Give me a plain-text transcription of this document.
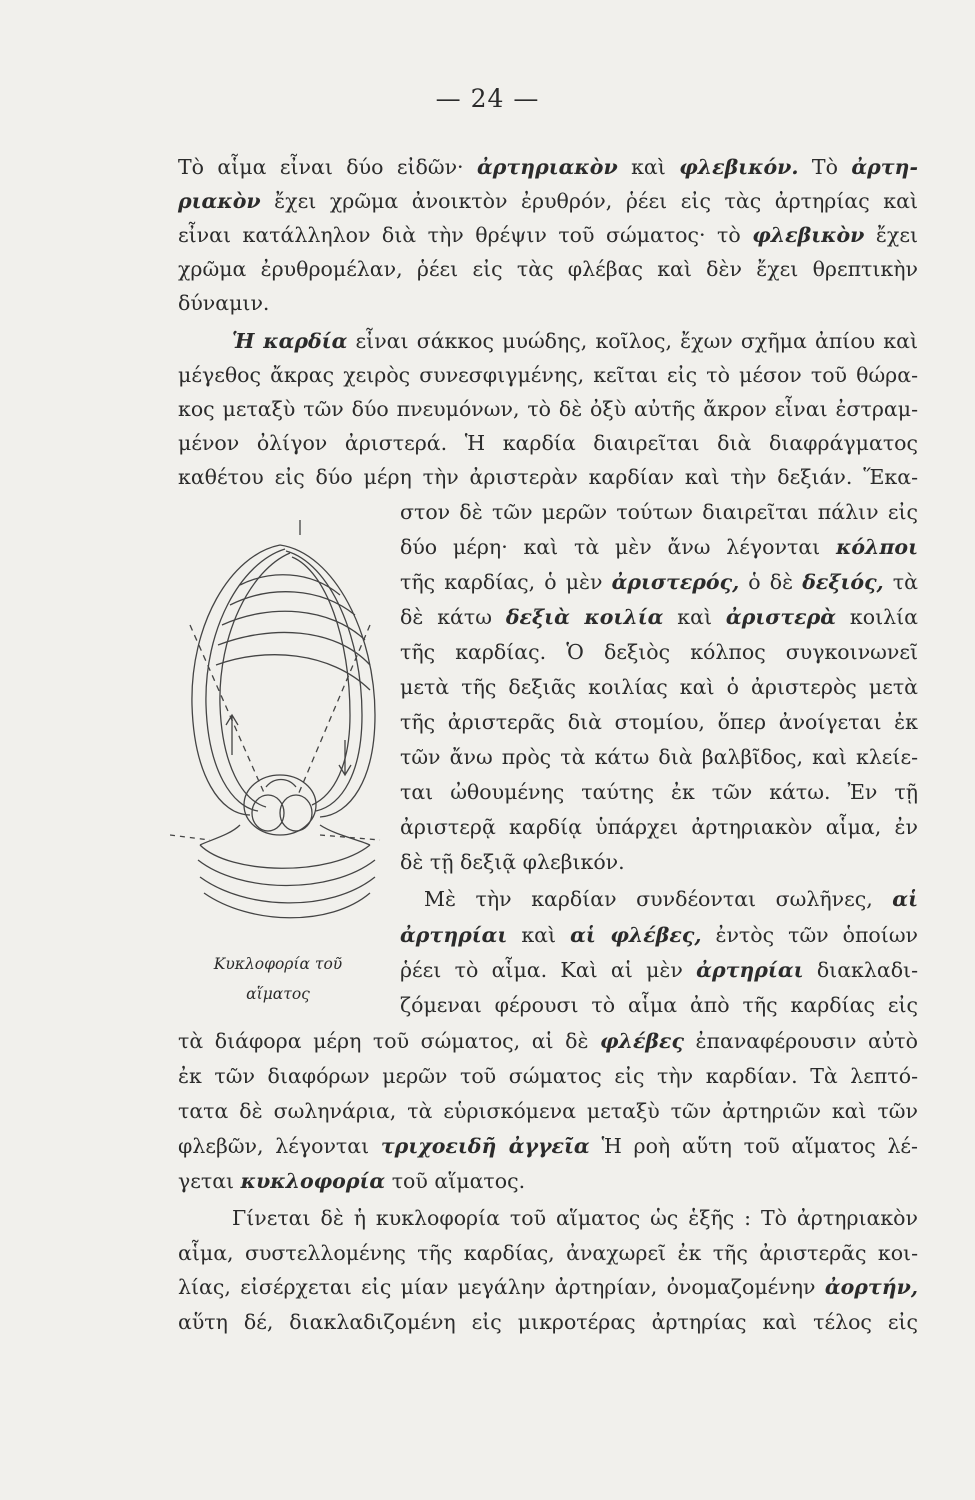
— 24 —
Τὸ αἷμα εἶναι δύο εἰδῶν· ἀρτηριακὸν καὶ φλεβικόν. Τὸ ἀρτη-
ριακὸν ἔχει χρῶμα ἀνοικτὸν ἐρυθρόν, ῥέει εἰς τὰς ἀρτηρίας καὶ
εἶναι κατάλληλον διὰ τὴν θρέψιν τοῦ σώματος· τὸ φλεβικὸν ἔχει
χρῶμα ἐρυθρομέλαν, ῥέει εἰς τὰς φλέβας καὶ δὲν ἔχει θρεπτικὴν
δύναμιν.
Ἡ καρδία εἶναι σάκκος μυώδης, κοῖλος, ἔχων σχῆμα ἀπίου καὶ
μέγεθος ἄκρας χειρὸς συνεσφιγμένης, κεῖται εἰς τὸ μέσον τοῦ θώρα-
κος μεταξὺ τῶν δύο πνευμόνων, τὸ δὲ ὀξὺ αὐτῆς ἄκρον εἶναι ἐστραμ-
μένον ὀλίγον ἀριστερά. Ἡ καρδία διαιρεῖται διὰ διαφράγματος
καθέτου εἰς δύο μέρη τὴν ἀριστερὰν καρδίαν καὶ τὴν δεξιάν. Ἕκα-
στον δὲ τῶν μερῶν τούτων διαιρεῖται πάλιν εἰς
δύο μέρη· καὶ τὰ μὲν ἄνω λέγονται κόλποι
τῆς καρδίας, ὁ μὲν ἀριστερός, ὁ δὲ δεξιός, τὰ
δὲ κάτω δεξιὰ κοιλία καὶ ἀριστερὰ κοιλία
τῆς καρδίας. Ὁ δεξιὸς κόλπος συγκοινωνεῖ
μετὰ τῆς δεξιᾶς κοιλίας καὶ ὁ ἀριστερὸς μετὰ
τῆς ἀριστερᾶς διὰ στομίου, ὅπερ ἀνοίγεται ἐκ
τῶν ἄνω πρὸς τὰ κάτω διὰ βαλβῖδος, καὶ κλείε-
ται ὠθουμένης ταύτης ἐκ τῶν κάτω. Ἐν τῇ
ἀριστερᾷ καρδίᾳ ὑπάρχει ἀρτηριακὸν αἷμα, ἐν
δὲ τῇ δεξιᾷ φλεβικόν.
Μὲ τὴν καρδίαν συνδέονται σωλῆνες, αἱ
ἀρτηρίαι καὶ αἱ φλέβες, ἐντὸς τῶν ὁποίων
ῥέει τὸ αἷμα. Καὶ αἱ μὲν ἀρτηρίαι διακλαδι-
ζόμεναι φέρουσι τὸ αἷμα ἀπὸ τῆς καρδίας εἰς
τὰ διάφορα μέρη τοῦ σώματος, αἱ δὲ φλέβες ἐπαναφέρουσιν αὐτὸ
ἐκ τῶν διαφόρων μερῶν τοῦ σώματος εἰς τὴν καρδίαν. Τὰ λεπτό-
τατα δὲ σωληνάρια, τὰ εὑρισκόμενα μεταξὺ τῶν ἀρτηριῶν καὶ τῶν
φλεβῶν, λέγονται τριχοειδῆ ἀγγεῖα Ἡ ροὴ αὕτη τοῦ αἵματος λέ-
γεται κυκλοφορία τοῦ αἵματος.
Γίνεται δὲ ἡ κυκλοφορία τοῦ αἵματος ὡς ἑξῆς : Τὸ ἀρτηριακὸν
αἷμα, συστελλομένης τῆς καρδίας, ἀναχωρεῖ ἐκ τῆς ἀριστερᾶς κοι-
λίας, εἰσέρχεται εἰς μίαν μεγάλην ἀρτηρίαν, ὀνομαζομένην ἀορτήν,
αὕτη δέ, διακλαδιζομένη εἰς μικροτέρας ἀρτηρίας καὶ τέλος εἰς
Κυκλοφορία τοῦ
αἵματος
